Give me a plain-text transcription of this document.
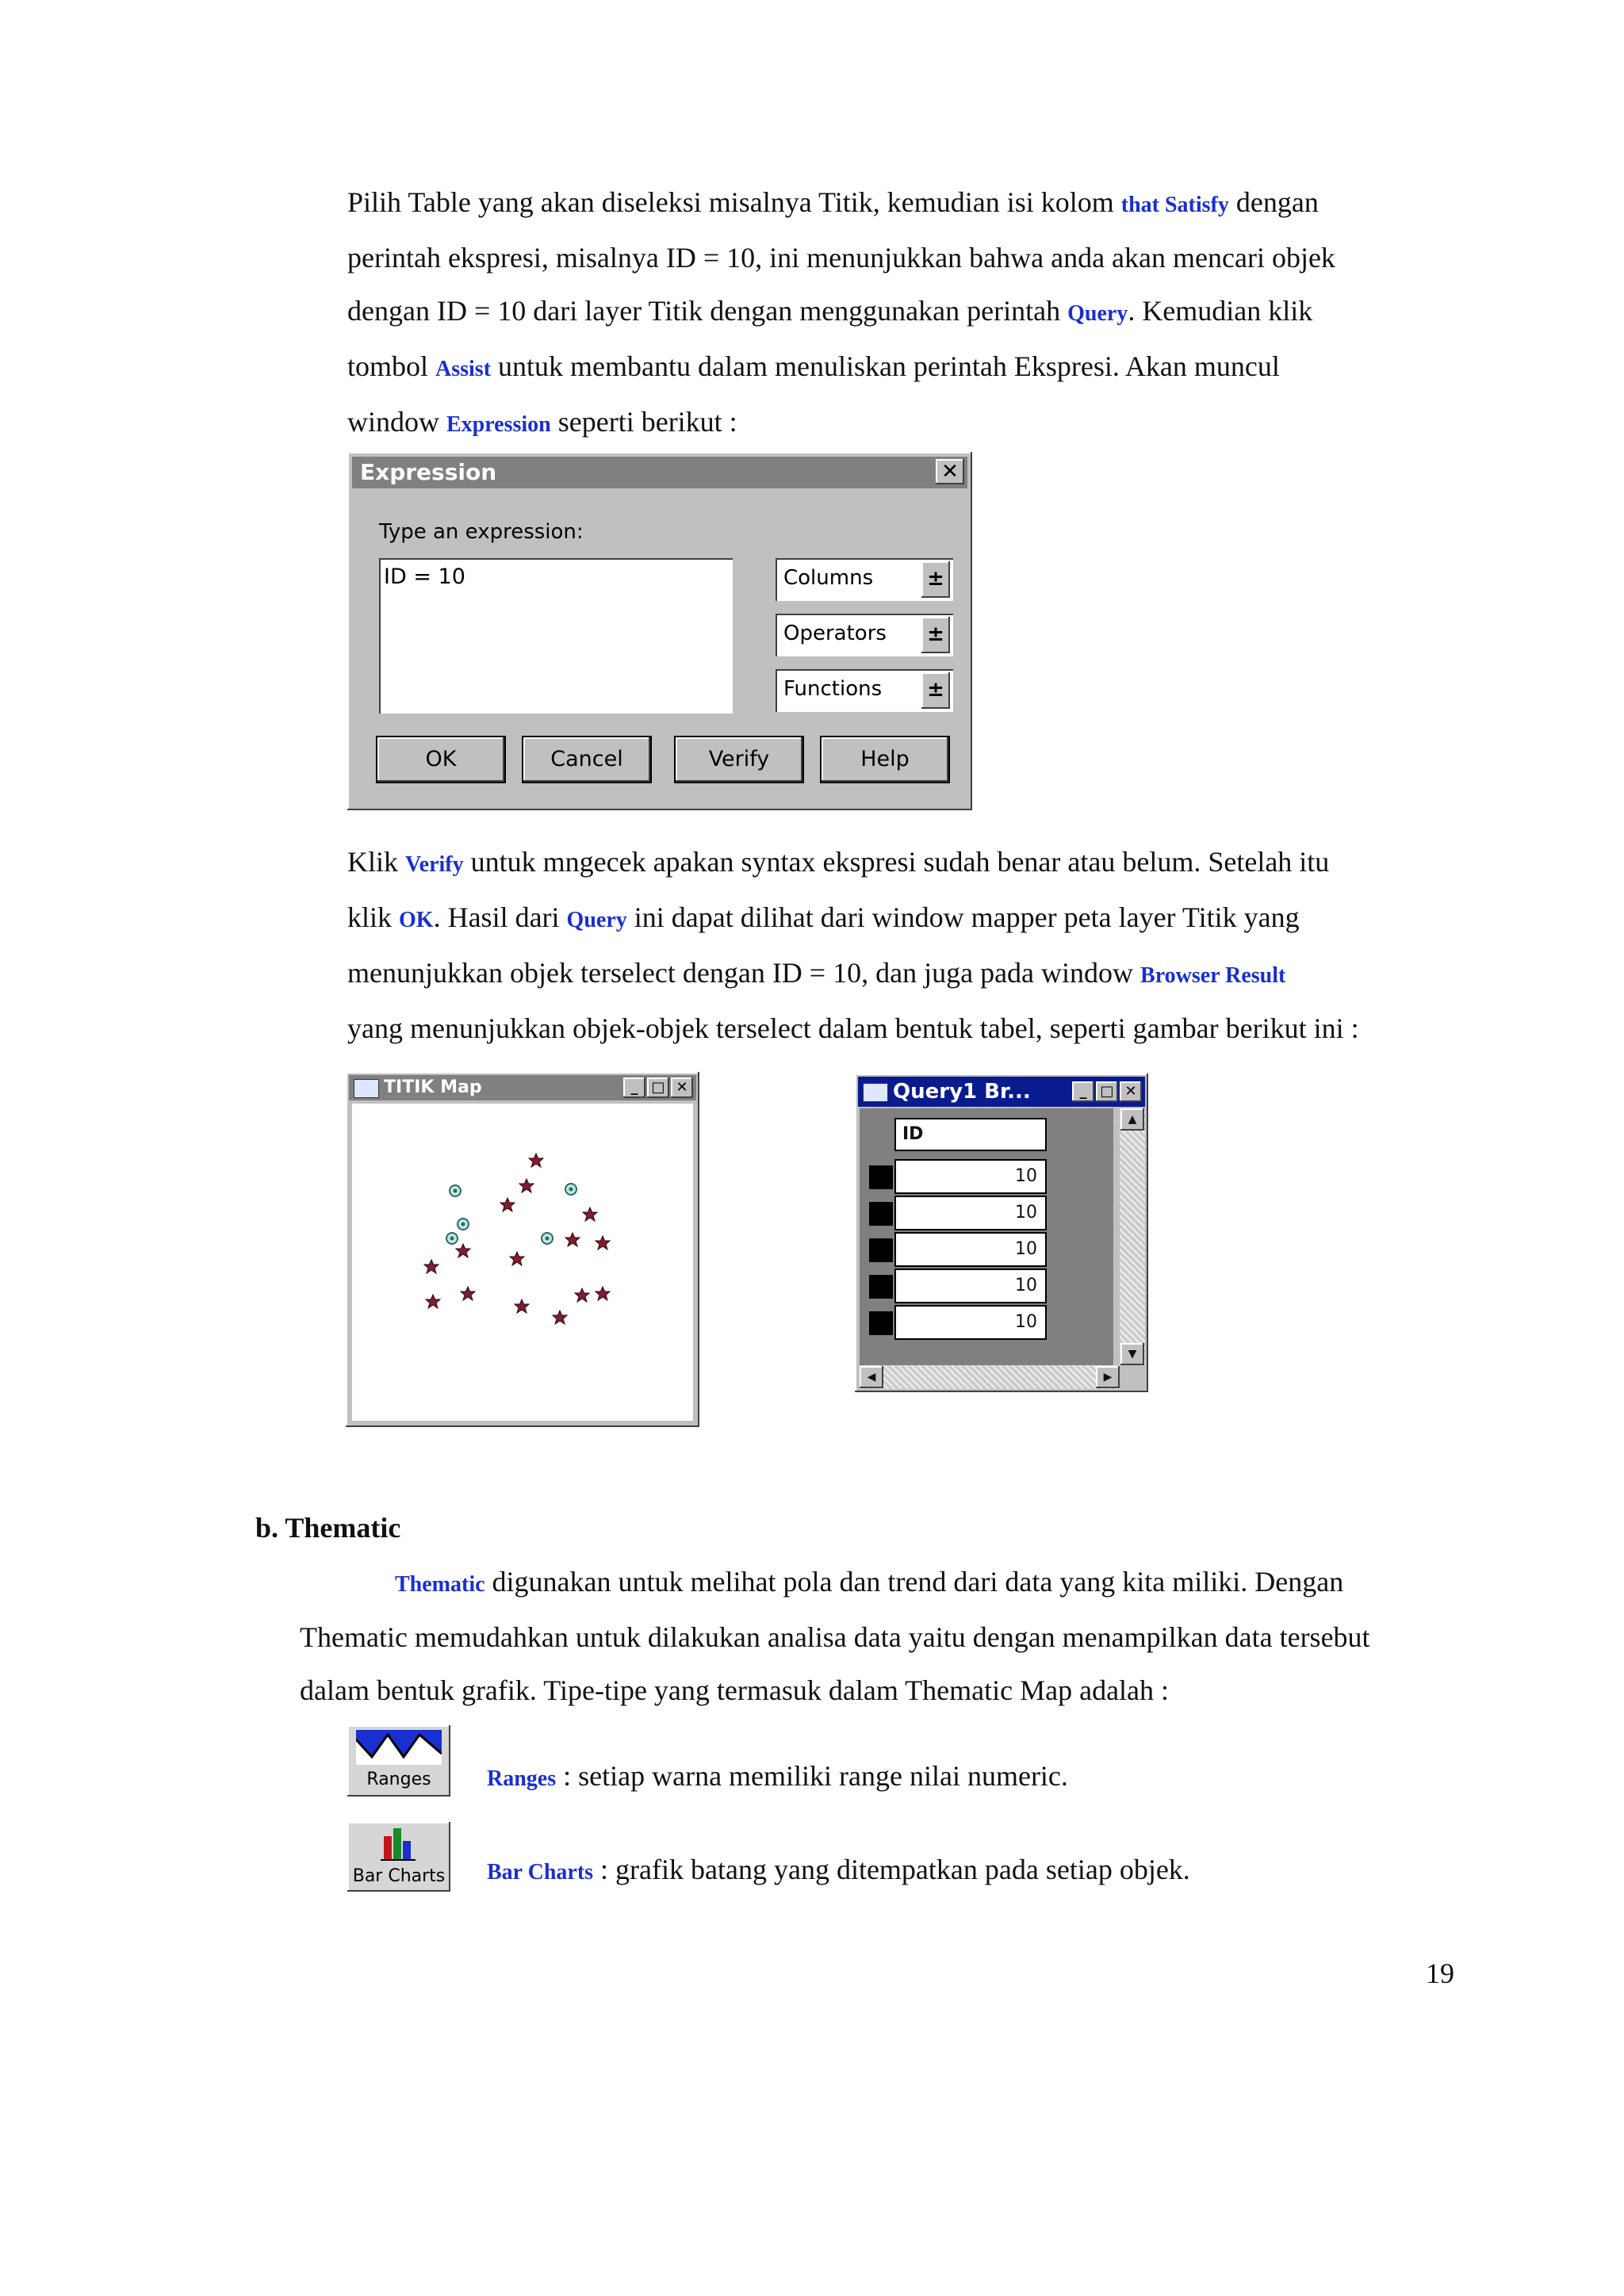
Pilih Table yang akan diseleksi misalnya Titik, kemudian isi kolom that Satisfy dengan
perintah ekspresi, misalnya ID = 10, ini menunjukkan bahwa anda akan mencari objek
dengan ID = 10 dari layer Titik dengan menggunakan perintah Query. Kemudian klik
tombol Assist untuk membantu dalam menuliskan perintah Ekspresi. Akan muncul
window Expression seperti berikut :
Expression	✕
Type an expression:
ID = 10	Columns	±
Operators ±
Functions ±
OK	Cancel	Verify	Help
Klik Verify untuk mngecek apakan syntax ekspresi sudah benar atau belum. Setelah itu
klik OK. Hasil dari Query ini dapat dilihat dari window mapper peta layer Titik yang
menunjukkan objek terselect dengan ID = 10, dan juga pada window Browser Result
yang menunjukkan objek-objek terselect dalam bentuk tabel, seperti gambar berikut ini :
TITIK Map	_ □ ✕	Query1 Br...	_ □ ✕
ID
10
10
10
10
10
▲
▼
◀	▶
b. Thematic
Thematic digunakan untuk melihat pola dan trend dari data yang kita miliki. Dengan
Thematic memudahkan untuk dilakukan analisa data yaitu dengan menampilkan data tersebut
dalam bentuk grafik. Tipe-tipe yang termasuk dalam Thematic Map adalah :
Ranges	Ranges : setiap warna memiliki range nilai numeric.
Bar Charts Bar Charts : grafik batang yang ditempatkan pada setiap objek.
19
